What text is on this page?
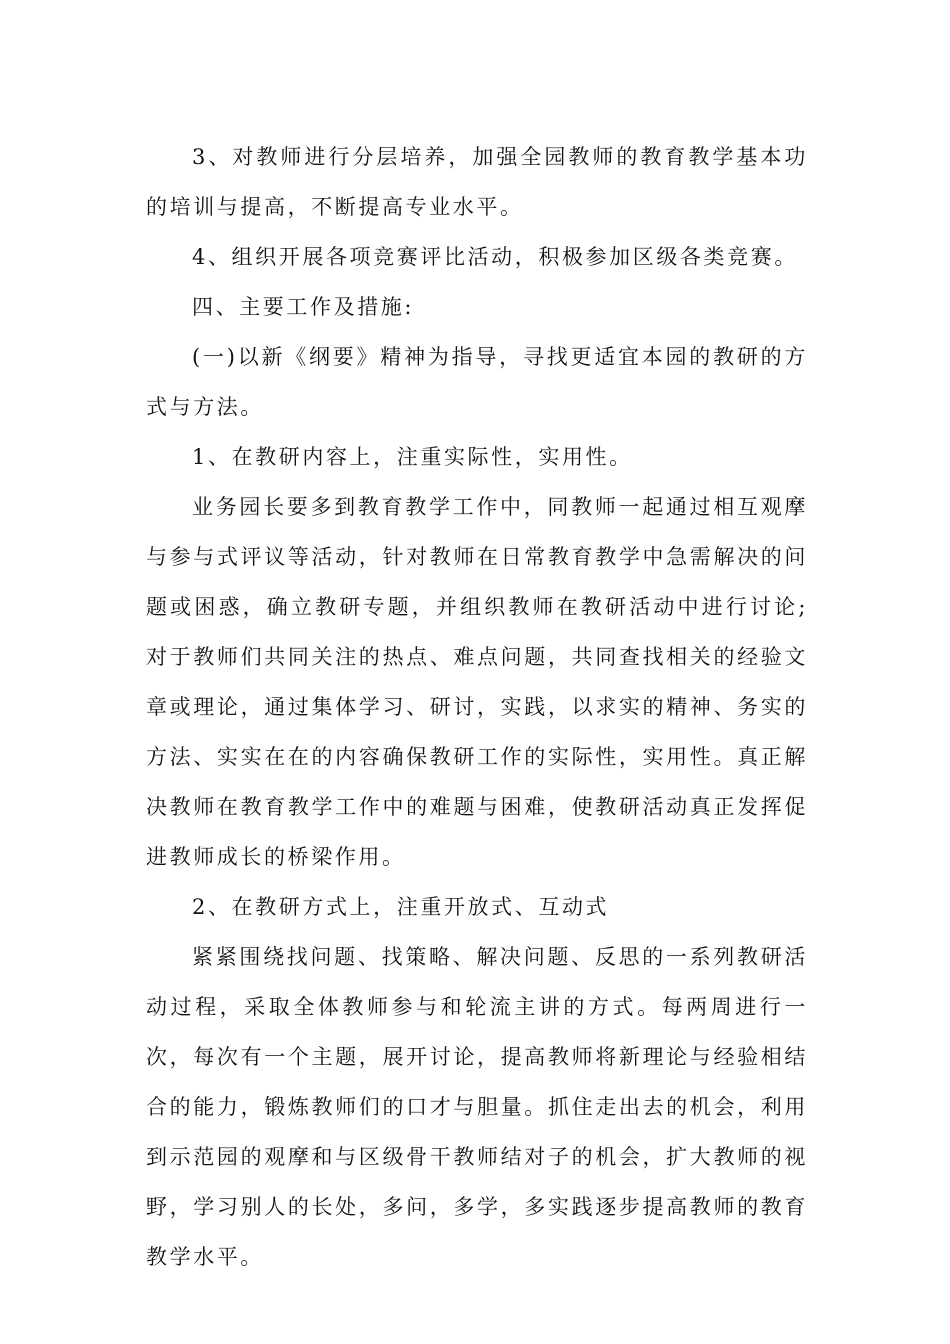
3、对教师进行分层培养，加强全园教师的教育教学基本功的培训与提高，不断提高专业水平。

4、组织开展各项竞赛评比活动，积极参加区级各类竞赛。

四、主要工作及措施:

(一)以新《纲要》精神为指导，寻找更适宜本园的教研的方式与方法。

1、在教研内容上，注重实际性，实用性。

业务园长要多到教育教学工作中，同教师一起通过相互观摩与参与式评议等活动，针对教师在日常教育教学中急需解决的问题或困惑，确立教研专题，并组织教师在教研活动中进行讨论;对于教师们共同关注的热点、难点问题，共同查找相关的经验文章或理论，通过集体学习、研讨，实践，以求实的精神、务实的方法、实实在在的内容确保教研工作的实际性，实用性。真正解决教师在教育教学工作中的难题与困难，使教研活动真正发挥促进教师成长的桥梁作用。

2、在教研方式上，注重开放式、互动式

紧紧围绕找问题、找策略、解决问题、反思的一系列教研活动过程，采取全体教师参与和轮流主讲的方式。每两周进行一次，每次有一个主题，展开讨论，提高教师将新理论与经验相结合的能力，锻炼教师们的口才与胆量。抓住走出去的机会，利用到示范园的观摩和与区级骨干教师结对子的机会，扩大教师的视野，学习别人的长处，多问，多学，多实践逐步提高教师的教育教学水平。
